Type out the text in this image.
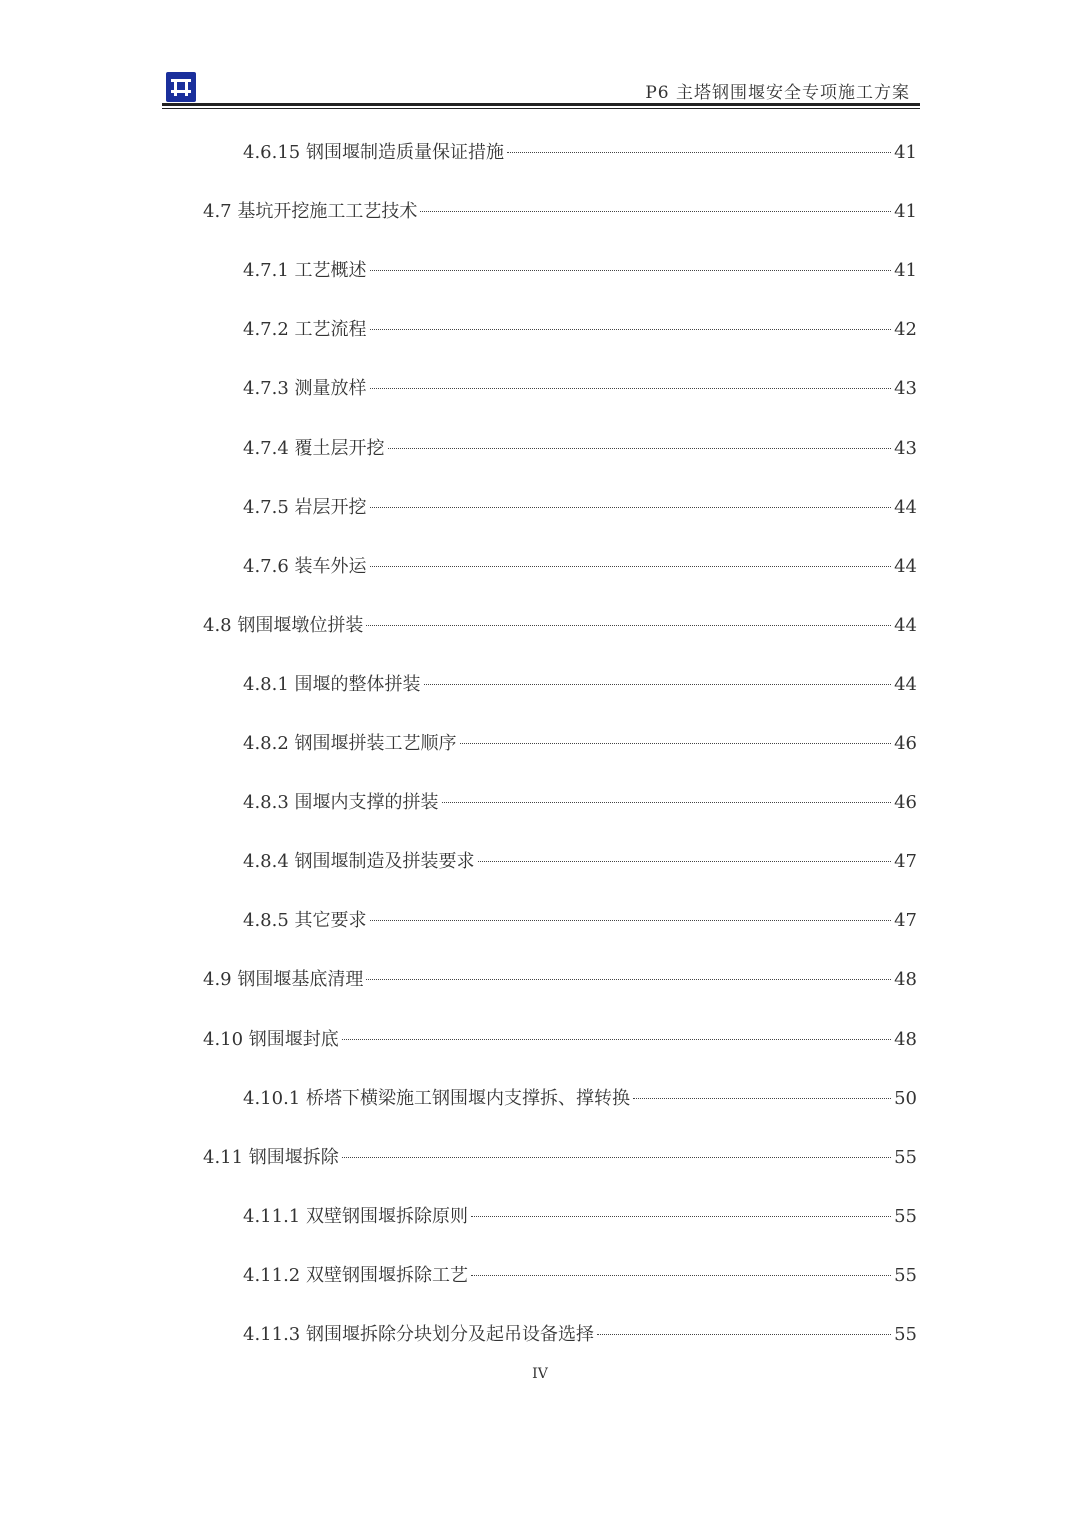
P6 主塔钢围堰安全专项施工方案
4.6.15 钢围堰制造质量保证措施	41
4.7 基坑开挖施工工艺技术	41
4.7.1 工艺概述	41
4.7.2 工艺流程	42
4.7.3 测量放样	43
4.7.4 覆土层开挖	43
4.7.5 岩层开挖	44
4.7.6 装车外运	44
4.8 钢围堰墩位拼装	44
4.8.1 围堰的整体拼装	44
4.8.2 钢围堰拼装工艺顺序	46
4.8.3 围堰内支撑的拼装	46
4.8.4 钢围堰制造及拼装要求	47
4.8.5 其它要求	47
4.9 钢围堰基底清理	48
4.10 钢围堰封底	48
4.10.1 桥塔下横梁施工钢围堰内支撑拆、撑转换	50
4.11 钢围堰拆除	55
4.11.1 双壁钢围堰拆除原则	55
4.11.2 双壁钢围堰拆除工艺	55
4.11.3 钢围堰拆除分块划分及起吊设备选择	55
IV
